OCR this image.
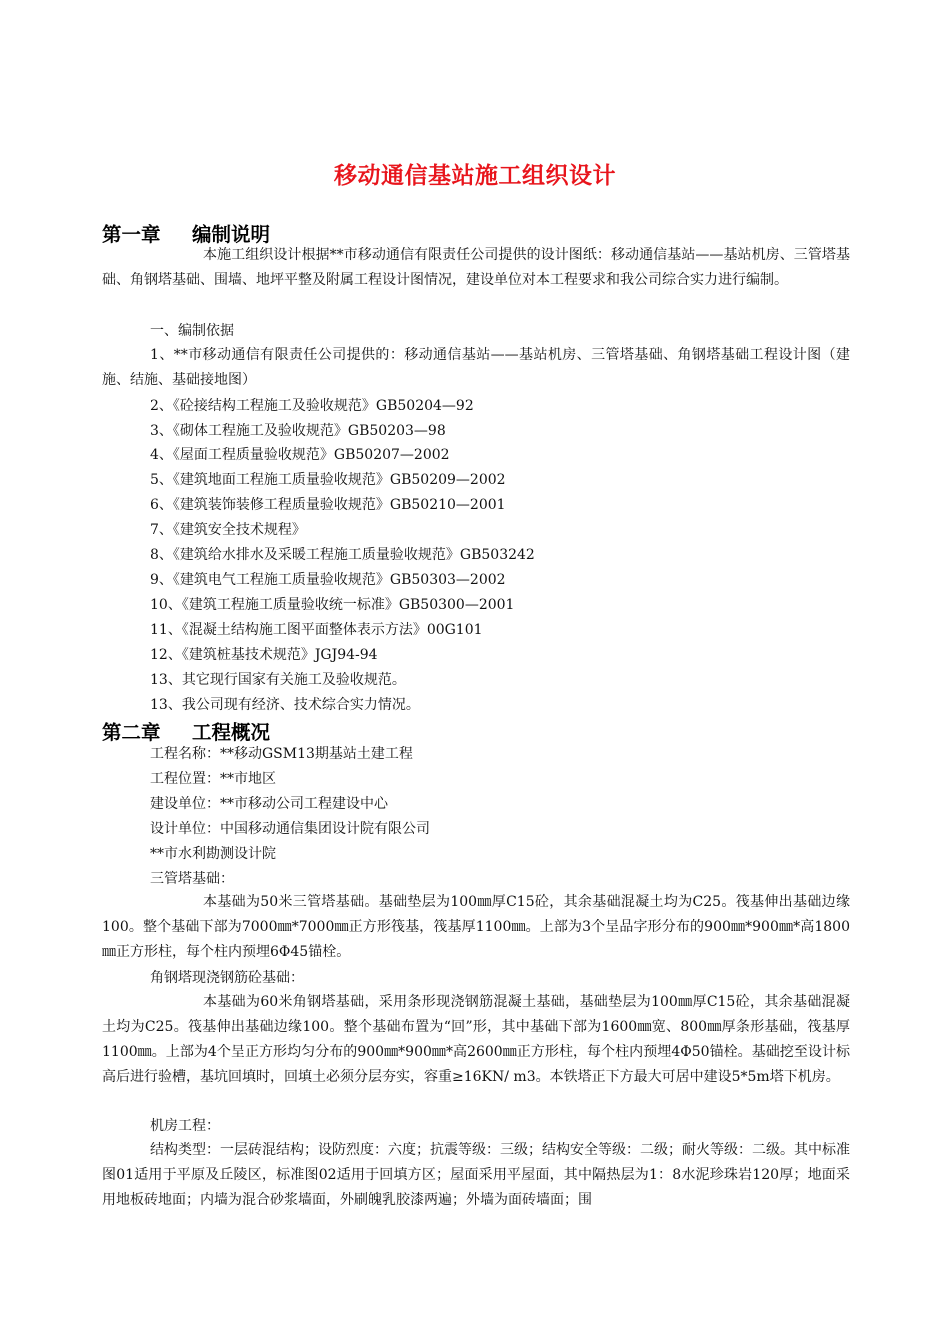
移动通信基站施工组织设计
第一章 编制说明
本施工组织设计根据**市移动通信有限责任公司提供的设计图纸：移动通信基站——基站机房、三管塔基础、角钢塔基础、围墙、地坪平整及附属工程设计图情况，建设单位对本工程要求和我公司综合实力进行编制。
一、编制依据
1、**市移动通信有限责任公司提供的：移动通信基站——基站机房、三管塔基础、角钢塔基础工程设计图（建施、结施、基础接地图）
2、《砼接结构工程施工及验收规范》GB50204—92
3、《砌体工程施工及验收规范》GB50203—98
4、《屋面工程质量验收规范》GB50207—2002
5、《建筑地面工程施工质量验收规范》GB50209—2002
6、《建筑装饰装修工程质量验收规范》GB50210—2001
7、《建筑安全技术规程》
8、《建筑给水排水及采暖工程施工质量验收规范》GB503242
9、《建筑电气工程施工质量验收规范》GB50303—2002
10、《建筑工程施工质量验收统一标准》GB50300—2001
11、《混凝土结构施工图平面整体表示方法》00G101
12、《建筑桩基技术规范》JGJ94-94
13、其它现行国家有关施工及验收规范。
13、我公司现有经济、技术综合实力情况。
第二章 工程概况
工程名称：**移动GSM13期基站土建工程
工程位置：**市地区
建设单位：**市移动公司工程建设中心
设计单位：中国移动通信集团设计院有限公司
**市水利勘测设计院
三管塔基础：
本基础为50米三管塔基础。基础垫层为100㎜厚C15砼，其余基础混凝土均为C25。筏基伸出基础边缘100。整个基础下部为7000㎜*7000㎜正方形筏基，筏基厚1100㎜。上部为3个呈品字形分布的900㎜*900㎜*高1800㎜正方形柱，每个柱内预埋6Φ45锚栓。
角钢塔现浇钢筋砼基础：
本基础为60米角钢塔基础，采用条形现浇钢筋混凝土基础，基础垫层为100㎜厚C15砼，其余基础混凝土均为C25。筏基伸出基础边缘100。整个基础布置为“回”形，其中基础下部为1600㎜宽、800㎜厚条形基础，筏基厚1100㎜。上部为4个呈正方形均匀分布的900㎜*900㎜*高2600㎜正方形柱，每个柱内预埋4Φ50锚栓。基础挖至设计标高后进行验槽，基坑回填时，回填土必须分层夯实，容重≥16KN/ m3。本铁塔正下方最大可居中建设5*5m塔下机房。
机房工程：
结构类型：一层砖混结构；设防烈度：六度；抗震等级：三级；结构安全等级：二级；耐火等级：二级。其中标准图01适用于平原及丘陵区，标准图02适用于回填方区；屋面采用平屋面，其中隔热层为1：8水泥珍珠岩120厚；地面采用地板砖地面；内墙为混合砂浆墙面，外刷魄乳胶漆两遍；外墙为面砖墙面；围
